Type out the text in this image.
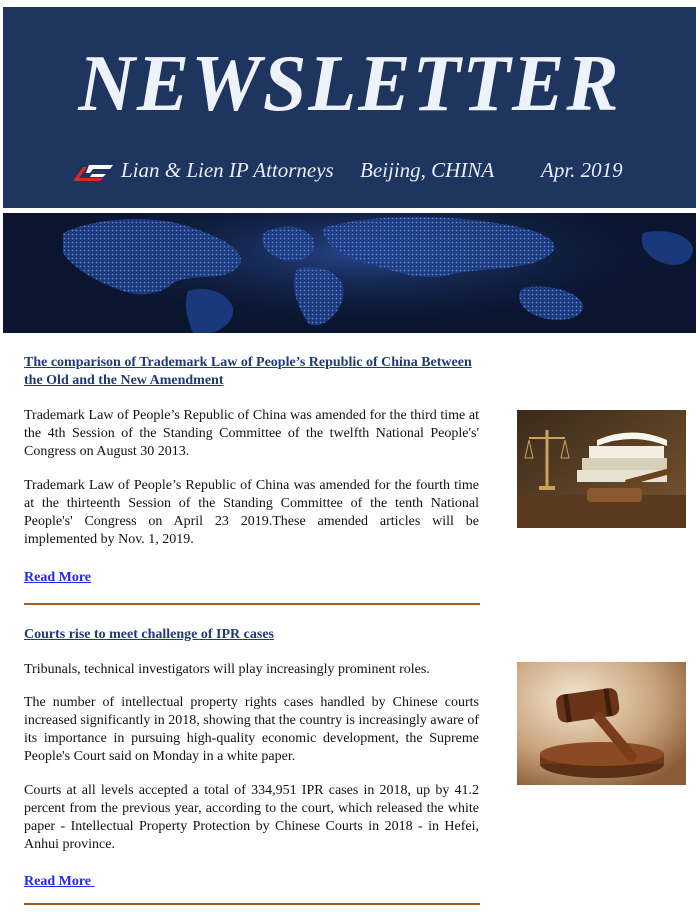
NEWSLETTER
Lian & Lien IP Attorneys Beijing, CHINA Apr. 2019
The comparison of Trademark Law of People’s Republic of China Between
the Old and the New Amendment

Trademark Law of People’s Republic of China was amended for the third time at the 4th Session of the Standing Committee of the twelfth National People's' Congress on August 30 2013.

Trademark Law of People’s Republic of China was amended for the fourth time at the thirteenth Session of the Standing Committee of the tenth National People's' Congress on April 23 2019.These amended articles will be implemented by Nov. 1, 2019.

Read More
Courts rise to meet challenge of IPR cases

Tribunals, technical investigators will play increasingly prominent roles.

The number of intellectual property rights cases handled by Chinese courts increased significantly in 2018, showing that the country is increasingly aware of its importance in pursuing high-quality economic development, the Supreme People's Court said on Monday in a white paper.

Courts at all levels accepted a total of 334,951 IPR cases in 2018, up by 41.2 percent from the previous year, according to the court, which released the white paper - Intellectual Property Protection by Chinese Courts in 2018 - in Hefei, Anhui province.

Read More
